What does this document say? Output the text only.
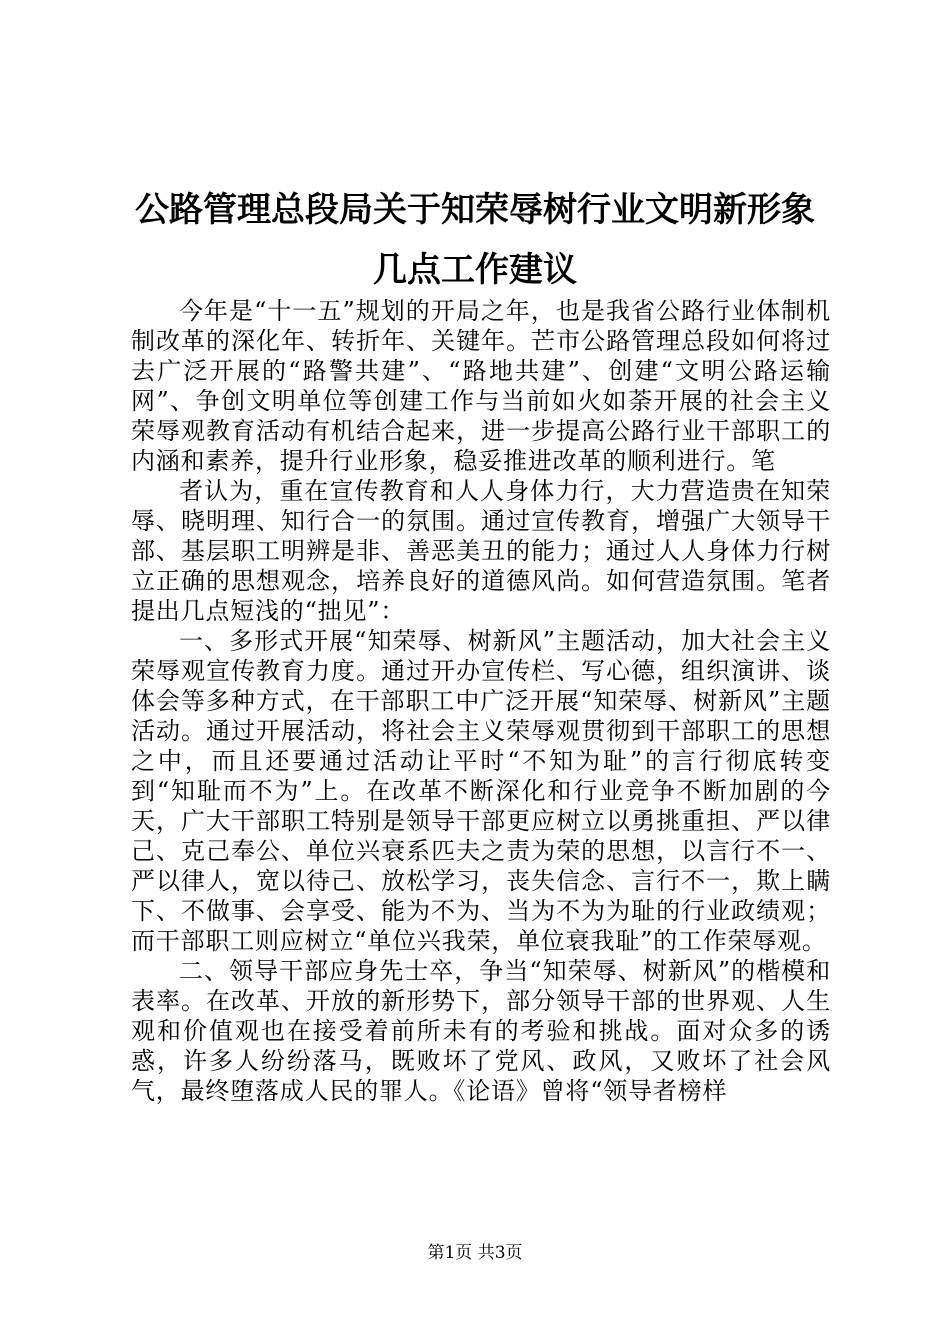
公路管理总段局关于知荣辱树行业文明新形象
几点工作建议

今年是“十一五”规划的开局之年，也是我省公路行业体制机制改革的深化年、转折年、关键年。芒市公路管理总段如何将过去广泛开展的“路警共建”、“路地共建”、创建“文明公路运输网”、争创文明单位等创建工作与当前如火如荼开展的社会主义荣辱观教育活动有机结合起来，进一步提高公路行业干部职工的内涵和素养，提升行业形象，稳妥推进改革的顺利进行。笔

者认为，重在宣传教育和人人身体力行，大力营造贵在知荣辱、晓明理、知行合一的氛围。通过宣传教育，增强广大领导干部、基层职工明辨是非、善恶美丑的能力；通过人人身体力行树立正确的思想观念，培养良好的道德风尚。如何营造氛围。笔者提出几点短浅的“拙见”：

一、多形式开展“知荣辱、树新风”主题活动，加大社会主义荣辱观宣传教育力度。通过开办宣传栏、写心德，组织演讲、谈体会等多种方式，在干部职工中广泛开展“知荣辱、树新风”主题活动。通过开展活动，将社会主义荣辱观贯彻到干部职工的思想之中，而且还要通过活动让平时“不知为耻”的言行彻底转变到“知耻而不为”上。在改革不断深化和行业竞争不断加剧的今天，广大干部职工特别是领导干部更应树立以勇挑重担、严以律己、克己奉公、单位兴衰系匹夫之责为荣的思想，以言行不一、严以律人，宽以待己、放松学习，丧失信念、言行不一，欺上瞒下、不做事、会享受、能为不为、当为不为为耻的行业政绩观；而干部职工则应树立“单位兴我荣，单位衰我耻”的工作荣辱观。

二、领导干部应身先士卒，争当“知荣辱、树新风”的楷模和表率。在改革、开放的新形势下，部分领导干部的世界观、人生观和价值观也在接受着前所未有的考验和挑战。面对众多的诱惑，许多人纷纷落马，既败坏了党风、政风，又败坏了社会风气，最终堕落成人民的罪人。《论语》曾将“领导者榜样

第1页 共3页
